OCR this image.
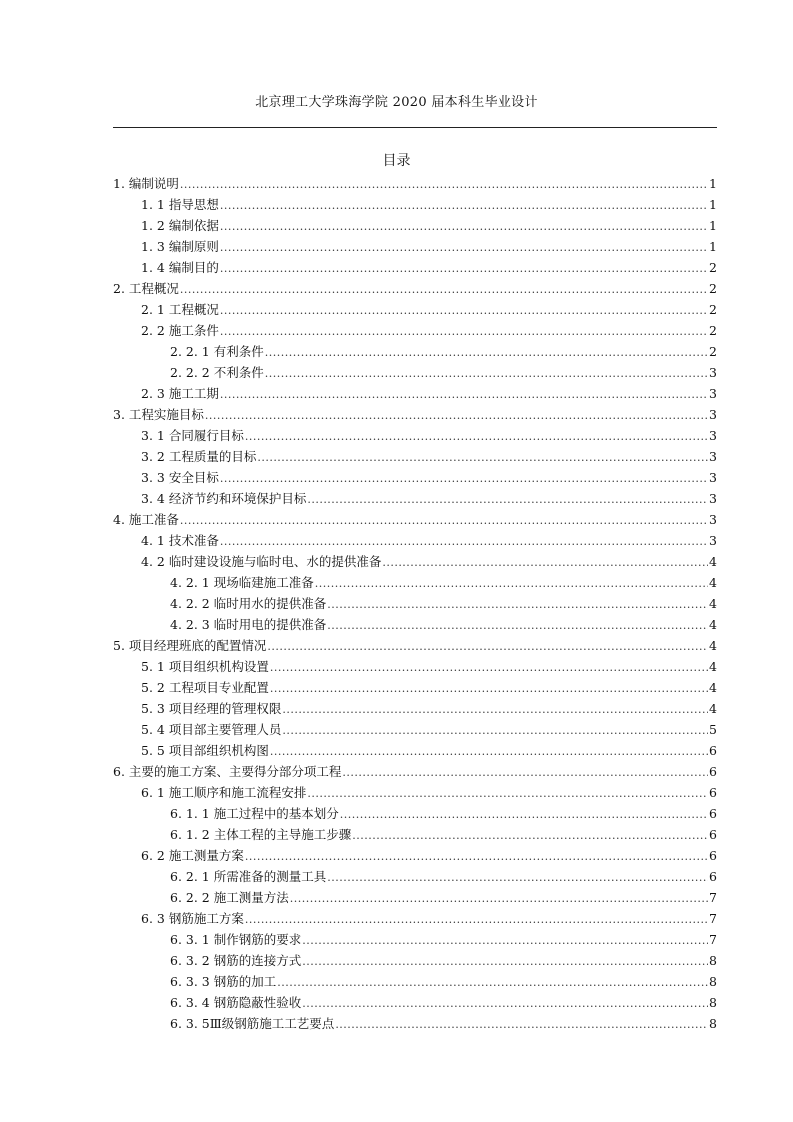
北京理工大学珠海学院 2020 届本科生毕业设计
目录
1. 编制说明 .....	1
1. 1 指导思想 .....	1
1. 2 编制依据 .....	1
1. 3 编制原则 .....	1
1. 4 编制目的 .....	2
2. 工程概况 .....	2
2. 1 工程概况 .....	2
2. 2 施工条件 .....	2
2. 2. 1 有利条件 .....	2
2. 2. 2 不利条件 .....	3
2. 3 施工工期 .....	3
3. 工程实施目标 .....	3
3. 1 合同履行目标 .....	3
3. 2 工程质量的目标 .....	3
3. 3 安全目标 .....	3
3. 4 经济节约和环境保护目标 .....	3
4. 施工准备 .....	3
4. 1 技术准备 .....	3
4. 2 临时建设设施与临时电、水的提供准备 .....	4
4. 2. 1 现场临建施工准备 .....	4
4. 2. 2 临时用水的提供准备 .....	4
4. 2. 3 临时用电的提供准备 .....	4
5. 项目经理班底的配置情况 .....	4
5. 1 项目组织机构设置 .....	4
5. 2 工程项目专业配置 .....	4
5. 3 项目经理的管理权限 .....	4
5. 4 项目部主要管理人员 .....	5
5. 5 项目部组织机构图 .....	6
6. 主要的施工方案、主要得分部分项工程 .....	6
6. 1 施工顺序和施工流程安排 .....	6
6. 1. 1 施工过程中的基本划分 .....	6
6. 1. 2 主体工程的主导施工步骤 .....	6
6. 2 施工测量方案 .....	6
6. 2. 1 所需准备的测量工具 .....	6
6. 2. 2 施工测量方法 .....	7
6. 3 钢筋施工方案 .....	7
6. 3. 1 制作钢筋的要求 .....	7
6. 3. 2 钢筋的连接方式 .....	8
6. 3. 3 钢筋的加工 .....	8
6. 3. 4 钢筋隐蔽性验收 .....	8
6. 3. 5Ⅲ级钢筋施工工艺要点 .....	8
